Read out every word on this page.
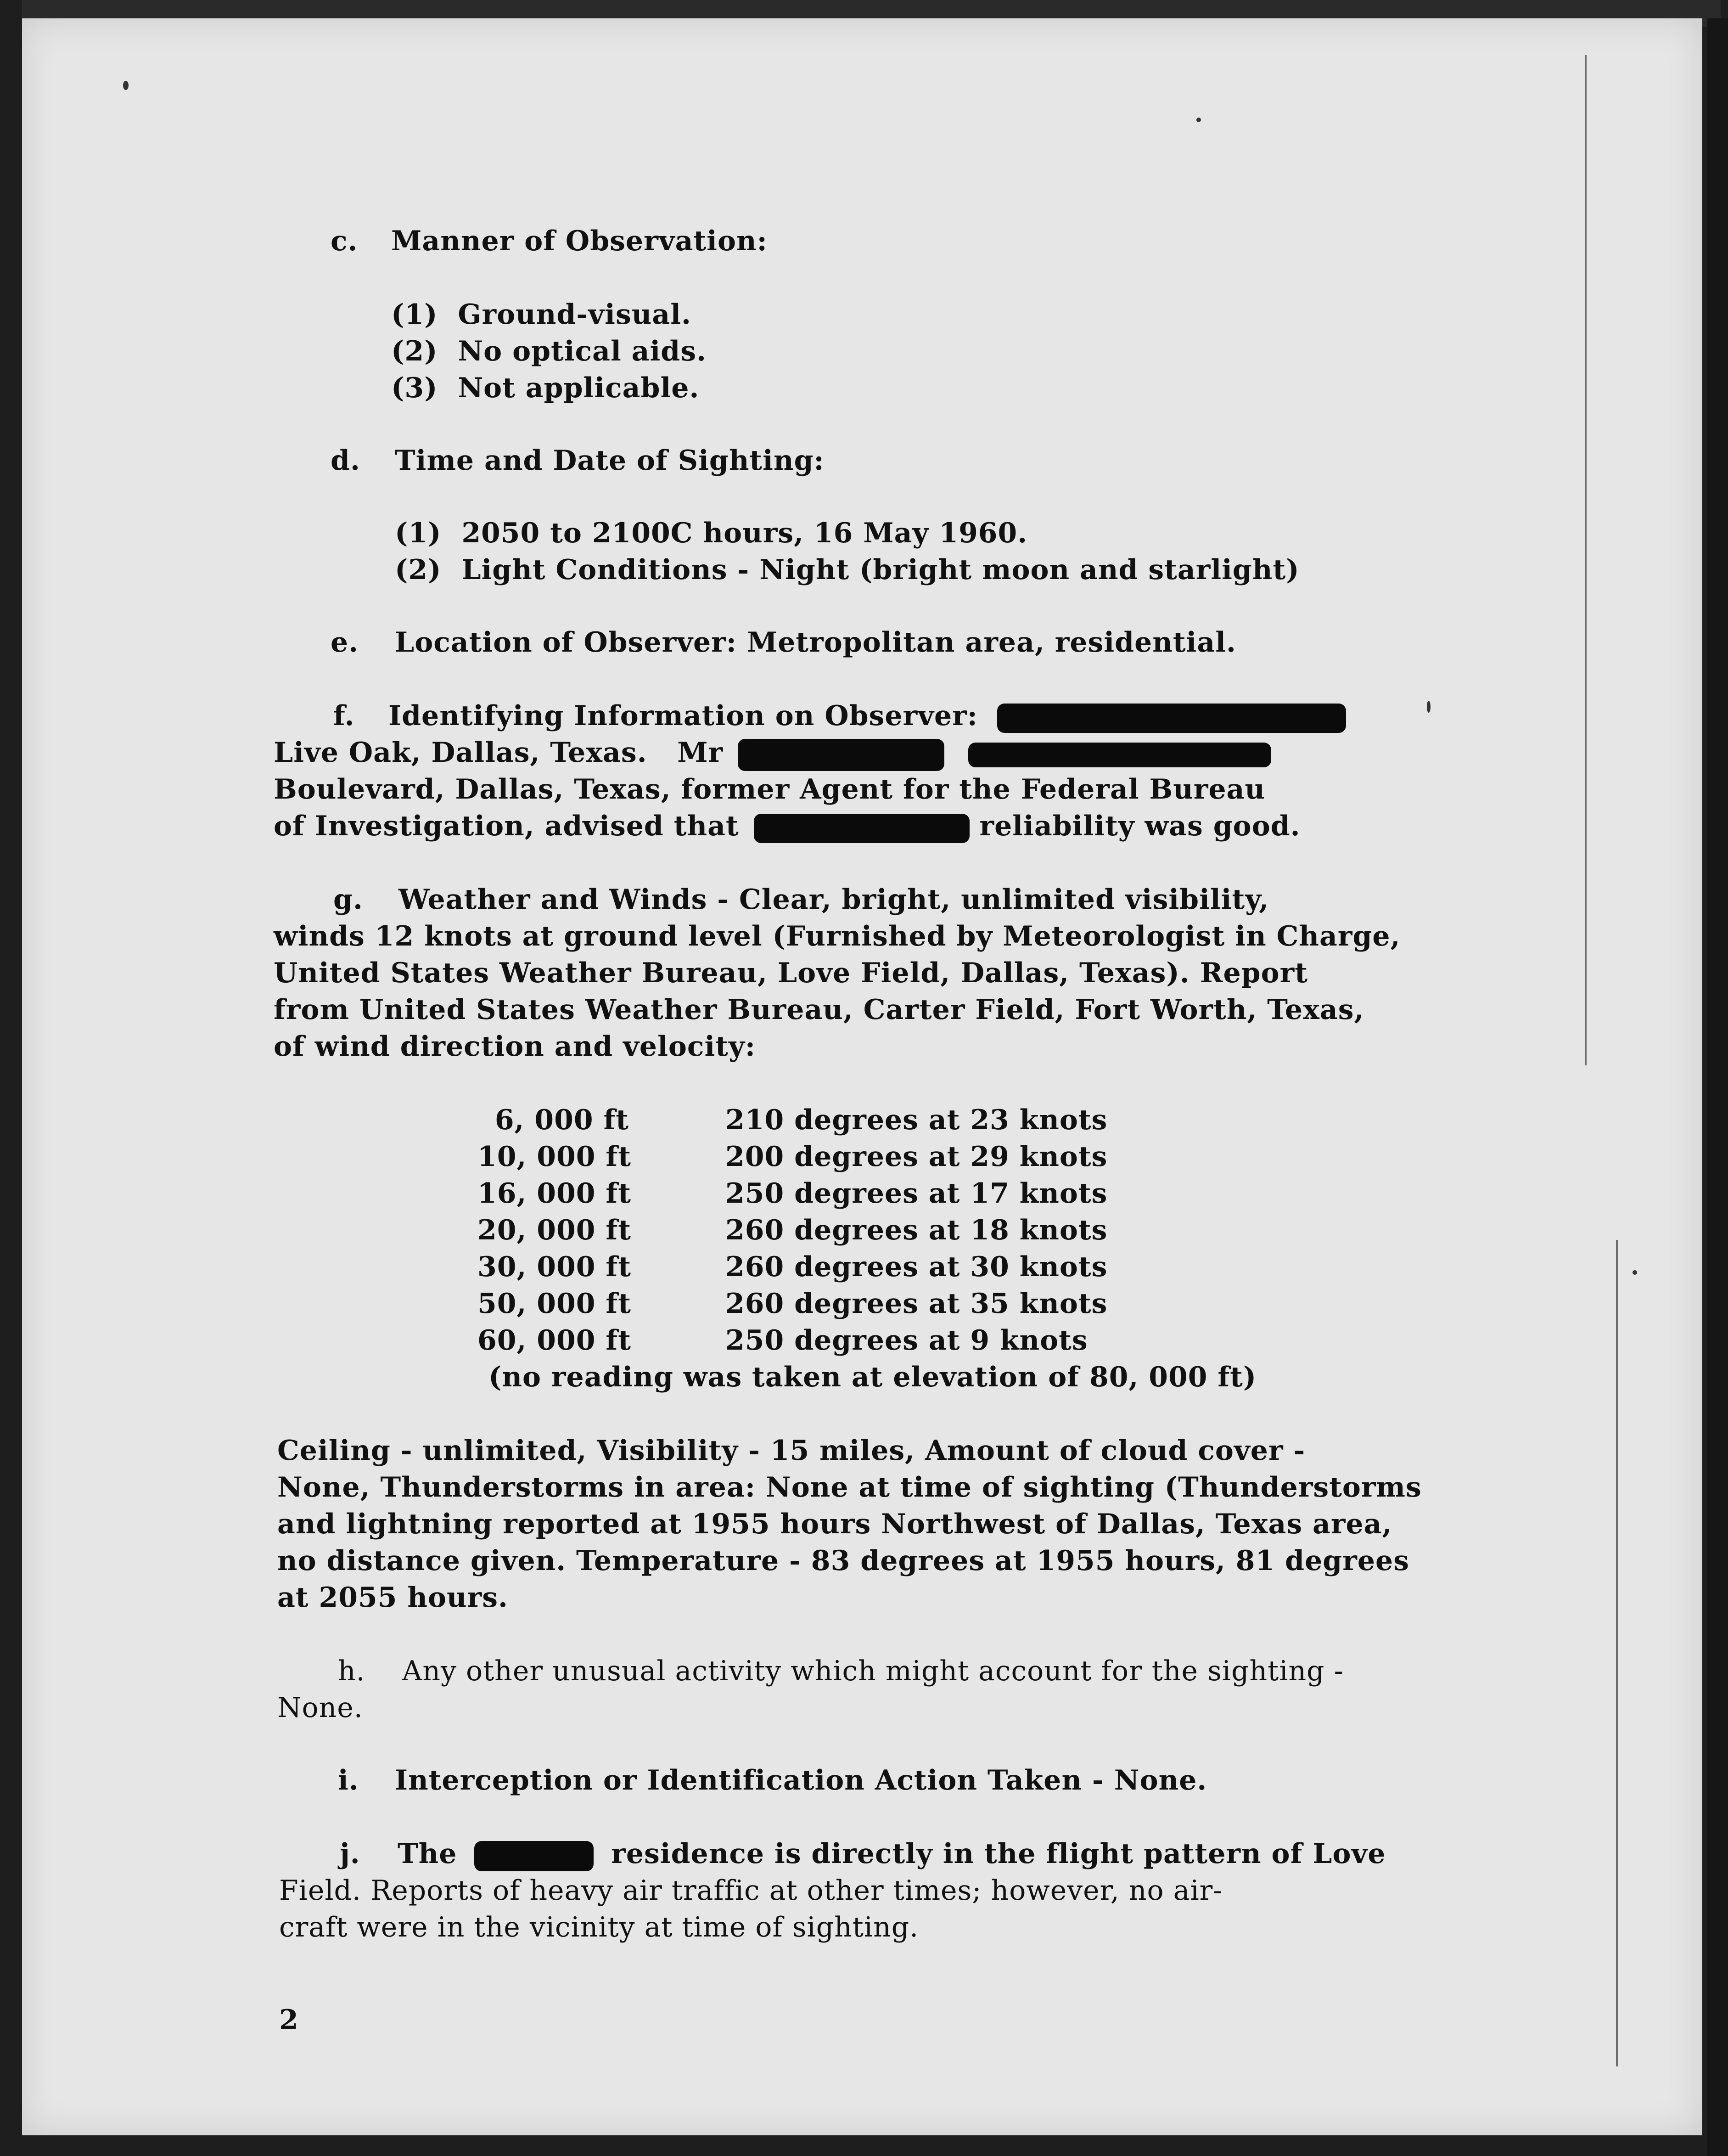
c. Manner of Observation:
(1) Ground-visual.
(2) No optical aids.
(3) Not applicable.
d. Time and Date of Sighting:
(1) 2050 to 2100C hours, 16 May 1960.
(2) Light Conditions - Night (bright moon and starlight)
e. Location of Observer: Metropolitan area, residential.
f. Identifying Information on Observer:
Live Oak, Dallas, Texas. Mr
Boulevard, Dallas, Texas, former Agent for the Federal Bureau
of Investigation, advised that	reliability was good.
g. Weather and Winds - Clear, bright, unlimited visibility,
winds 12 knots at ground level (Furnished by Meteorologist in Charge,
United States Weather Bureau, Love Field, Dallas, Texas). Report
from United States Weather Bureau, Carter Field, Fort Worth, Texas,
of wind direction and velocity:
6, 000 ft	210 degrees at 23 knots
10, 000 ft	200 degrees at 29 knots
16, 000 ft	250 degrees at 17 knots
20, 000 ft	260 degrees at 18 knots
30, 000 ft	260 degrees at 30 knots
50, 000 ft	260 degrees at 35 knots
60, 000 ft	250 degrees at 9 knots
(no reading was taken at elevation of 80, 000 ft)
Ceiling - unlimited, Visibility - 15 miles, Amount of cloud cover -
None, Thunderstorms in area: None at time of sighting (Thunderstorms
and lightning reported at 1955 hours Northwest of Dallas, Texas area,
no distance given. Temperature - 83 degrees at 1955 hours, 81 degrees
at 2055 hours.
h. Any other unusual activity which might account for the sighting -
None.
i. Interception or Identification Action Taken - None.
j. The	residence is directly in the flight pattern of Love
Field. Reports of heavy air traffic at other times; however, no air-
craft were in the vicinity at time of sighting.
2
